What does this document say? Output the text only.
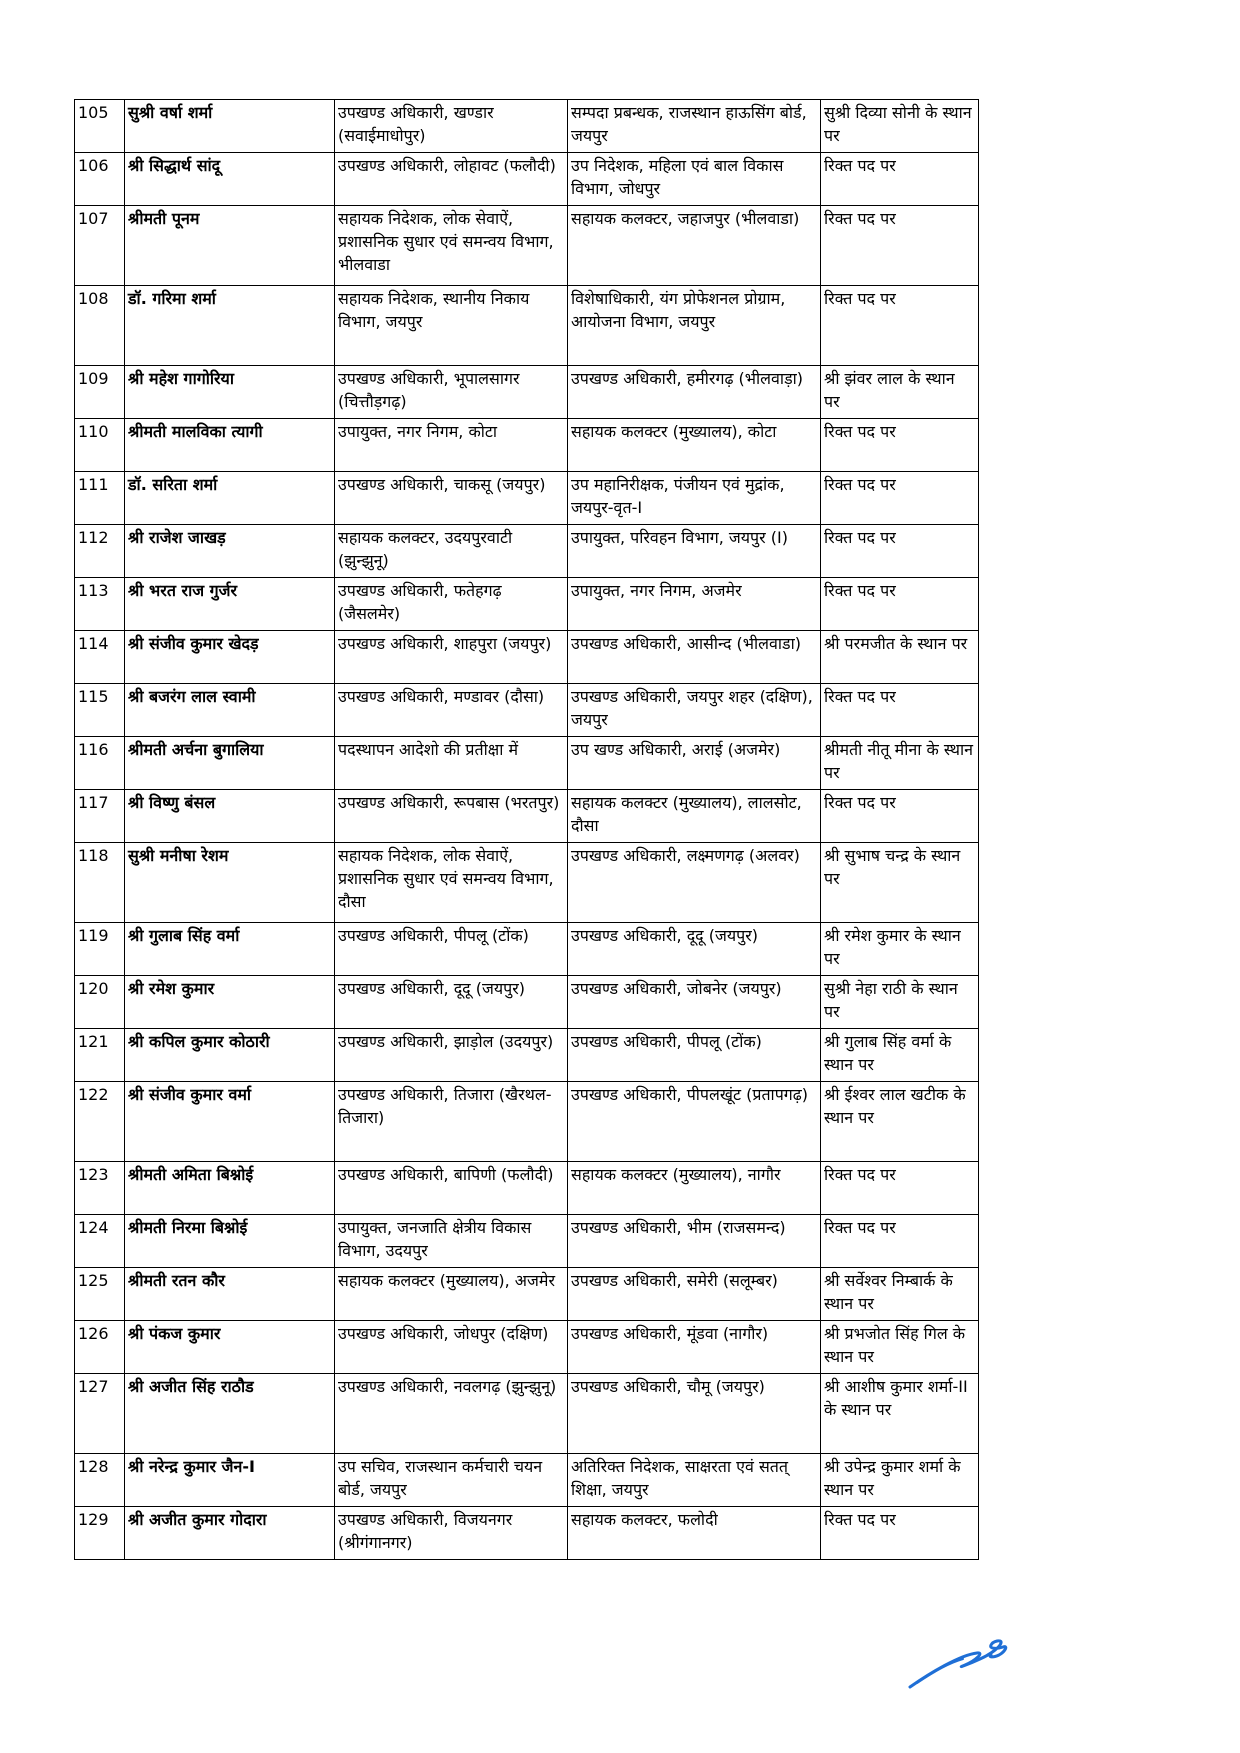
105	सुश्री वर्षा शर्मा	उपखण्ड अधिकारी, खण्डार (सवाईमाधोपुर)	सम्पदा प्रबन्धक, राजस्थान हाऊसिंग बोर्ड, जयपुर	सुश्री दिव्या सोनी के स्थान पर
106	श्री सिद्धार्थ सांदू	उपखण्ड अधिकारी, लोहावट (फलौदी)	उप निदेशक, महिला एवं बाल विकास विभाग, जोधपुर	रिक्त पद पर
107	श्रीमती पूनम	सहायक निदेशक, लोक सेवाऐं, प्रशासनिक सुधार एवं समन्वय विभाग, भीलवाडा	सहायक कलक्टर, जहाजपुर (भीलवाडा)	रिक्त पद पर
108	डॉ. गरिमा शर्मा	सहायक निदेशक, स्थानीय निकाय विभाग, जयपुर	विशेषाधिकारी, यंग प्रोफेशनल प्रोग्राम, आयोजना विभाग, जयपुर	रिक्त पद पर
109	श्री महेश गागोरिया	उपखण्ड अधिकारी, भूपालसागर (चित्तौड़गढ़)	उपखण्ड अधिकारी, हमीरगढ़ (भीलवाड़ा)	श्री झंवर लाल के स्थान पर
110	श्रीमती मालविका त्यागी	उपायुक्त, नगर निगम, कोटा	सहायक कलक्टर (मुख्यालय), कोटा	रिक्त पद पर
111	डॉ. सरिता शर्मा	उपखण्ड अधिकारी, चाकसू (जयपुर)	उप महानिरीक्षक, पंजीयन एवं मुद्रांक, जयपुर-वृत-I	रिक्त पद पर
112	श्री राजेश जाखड़	सहायक कलक्टर, उदयपुरवाटी (झुन्झुनू)	उपायुक्त, परिवहन विभाग, जयपुर (I)	रिक्त पद पर
113	श्री भरत राज गुर्जर	उपखण्ड अधिकारी, फतेहगढ़ (जैसलमेर)	उपायुक्त, नगर निगम, अजमेर	रिक्त पद पर
114	श्री संजीव कुमार खेदड़	उपखण्ड अधिकारी, शाहपुरा (जयपुर)	उपखण्ड अधिकारी, आसीन्द (भीलवाडा)	श्री परमजीत के स्थान पर
115	श्री बजरंग लाल स्वामी	उपखण्ड अधिकारी, मण्डावर (दौसा)	उपखण्ड अधिकारी, जयपुर शहर (दक्षिण), जयपुर	रिक्त पद पर
116	श्रीमती अर्चना बुगालिया	पदस्थापन आदेशो की प्रतीक्षा में	उप खण्ड अधिकारी, अराई (अजमेर)	श्रीमती नीतू मीना के स्थान पर
117	श्री विष्णु बंसल	उपखण्ड अधिकारी, रूपबास (भरतपुर)	सहायक कलक्टर (मुख्यालय), लालसोट, दौसा	रिक्त पद पर
118	सुश्री मनीषा रेशम	सहायक निदेशक, लोक सेवाऐं, प्रशासनिक सुधार एवं समन्वय विभाग, दौसा	उपखण्ड अधिकारी, लक्ष्मणगढ़ (अलवर)	श्री सुभाष चन्द्र के स्थान पर
119	श्री गुलाब सिंह वर्मा	उपखण्ड अधिकारी, पीपलू (टोंक)	उपखण्ड अधिकारी, दूदू (जयपुर)	श्री रमेश कुमार के स्थान पर
120	श्री रमेश कुमार	उपखण्ड अधिकारी, दूदू (जयपुर)	उपखण्ड अधिकारी, जोबनेर (जयपुर)	सुश्री नेहा राठी के स्थान पर
121	श्री कपिल कुमार कोठारी	उपखण्ड अधिकारी, झाड़ोल (उदयपुर)	उपखण्ड अधिकारी, पीपलू (टोंक)	श्री गुलाब सिंह वर्मा के स्थान पर
122	श्री संजीव कुमार वर्मा	उपखण्ड अधिकारी, तिजारा (खैरथल-तिजारा)	उपखण्ड अधिकारी, पीपलखूंट (प्रतापगढ़)	श्री ईश्वर लाल खटीक के स्थान पर
123	श्रीमती अमिता बिश्नोई	उपखण्ड अधिकारी, बापिणी (फलौदी)	सहायक कलक्टर (मुख्यालय), नागौर	रिक्त पद पर
124	श्रीमती निरमा बिश्नोई	उपायुक्त, जनजाति क्षेत्रीय विकास विभाग, उदयपुर	उपखण्ड अधिकारी, भीम (राजसमन्द)	रिक्त पद पर
125	श्रीमती रतन कौर	सहायक कलक्टर (मुख्यालय), अजमेर	उपखण्ड अधिकारी, समेरी (सलूम्बर)	श्री सर्वेश्वर निम्बार्क के स्थान पर
126	श्री पंकज कुमार	उपखण्ड अधिकारी, जोधपुर (दक्षिण)	उपखण्ड अधिकारी, मूंडवा (नागौर)	श्री प्रभजोत सिंह गिल के स्थान पर
127	श्री अजीत सिंह राठौड	उपखण्ड अधिकारी, नवलगढ़ (झुन्झुनू)	उपखण्ड अधिकारी, चौमू (जयपुर)	श्री आशीष कुमार शर्मा-II के स्थान पर
128	श्री नरेन्द्र कुमार जैन-I	उप सचिव, राजस्थान कर्मचारी चयन बोर्ड, जयपुर	अतिरिक्त निदेशक, साक्षरता एवं सतत् शिक्षा, जयपुर	श्री उपेन्द्र कुमार शर्मा के स्थान पर
129	श्री अजीत कुमार गोदारा	उपखण्ड अधिकारी, विजयनगर (श्रीगंगानगर)	सहायक कलक्टर, फलोदी	रिक्त पद पर
